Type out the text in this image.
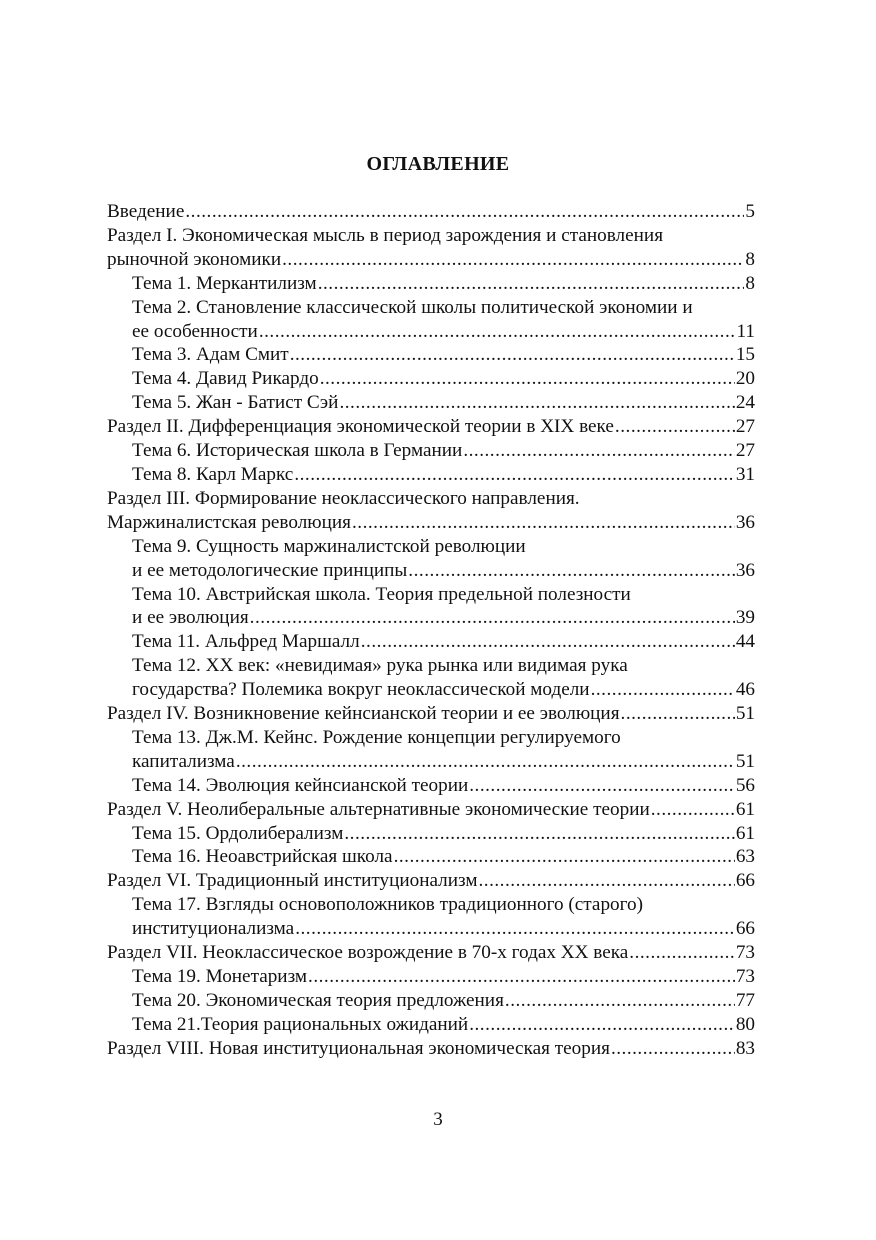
ОГЛАВЛЕНИЕ
Введение .....	5
Раздел I. Экономическая мысль в период зарождения и становления
рыночной экономики .....	8
Тема 1. Меркантилизм .....	8
Тема 2. Становление классической школы политической экономии и
ее особенности .....	11
Тема 3. Адам Смит .....	15
Тема 4. Давид Рикардо .....	20
Тема 5. Жан - Батист Сэй .....	24
Раздел II. Дифференциация экономической теории в XIX веке .....	27
Тема 6. Историческая школа в Германии .....	27
Тема 8. Карл Маркс .....	31
Раздел III. Формирование неоклассического направления.
Маржиналистская революция .....	36
Тема 9. Сущность маржиналистской революции
и ее методологические принципы .....	36
Тема 10. Австрийская школа. Теория предельной полезности
и ее эволюция .....	39
Тема 11. Альфред Маршалл .....	44
Тема 12. XX век: «невидимая» рука рынка или видимая рука
государства? Полемика вокруг неоклассической модели .....	46
Раздел IV. Возникновение кейнсианской теории и ее эволюция .....	51
Тема 13. Дж.М. Кейнс. Рождение концепции регулируемого
капитализма .....	51
Тема 14. Эволюция кейнсианской теории .....	56
Раздел V. Неолиберальные альтернативные экономические теории .....	61
Тема 15. Ордолиберализм .....	61
Тема 16. Неоавстрийская школа .....	63
Раздел VI. Традиционный институционализм .....	66
Тема 17. Взгляды основоположников традиционного (старого)
институционализма .....	66
Раздел VII. Неоклассическое возрождение в 70-х годах XX века .....	73
Тема 19. Монетаризм .....	73
Тема 20. Экономическая теория предложения .....	77
Тема 21.Теория рациональных ожиданий .....	80
Раздел VIII. Новая институциональная экономическая теория .....	83
3
